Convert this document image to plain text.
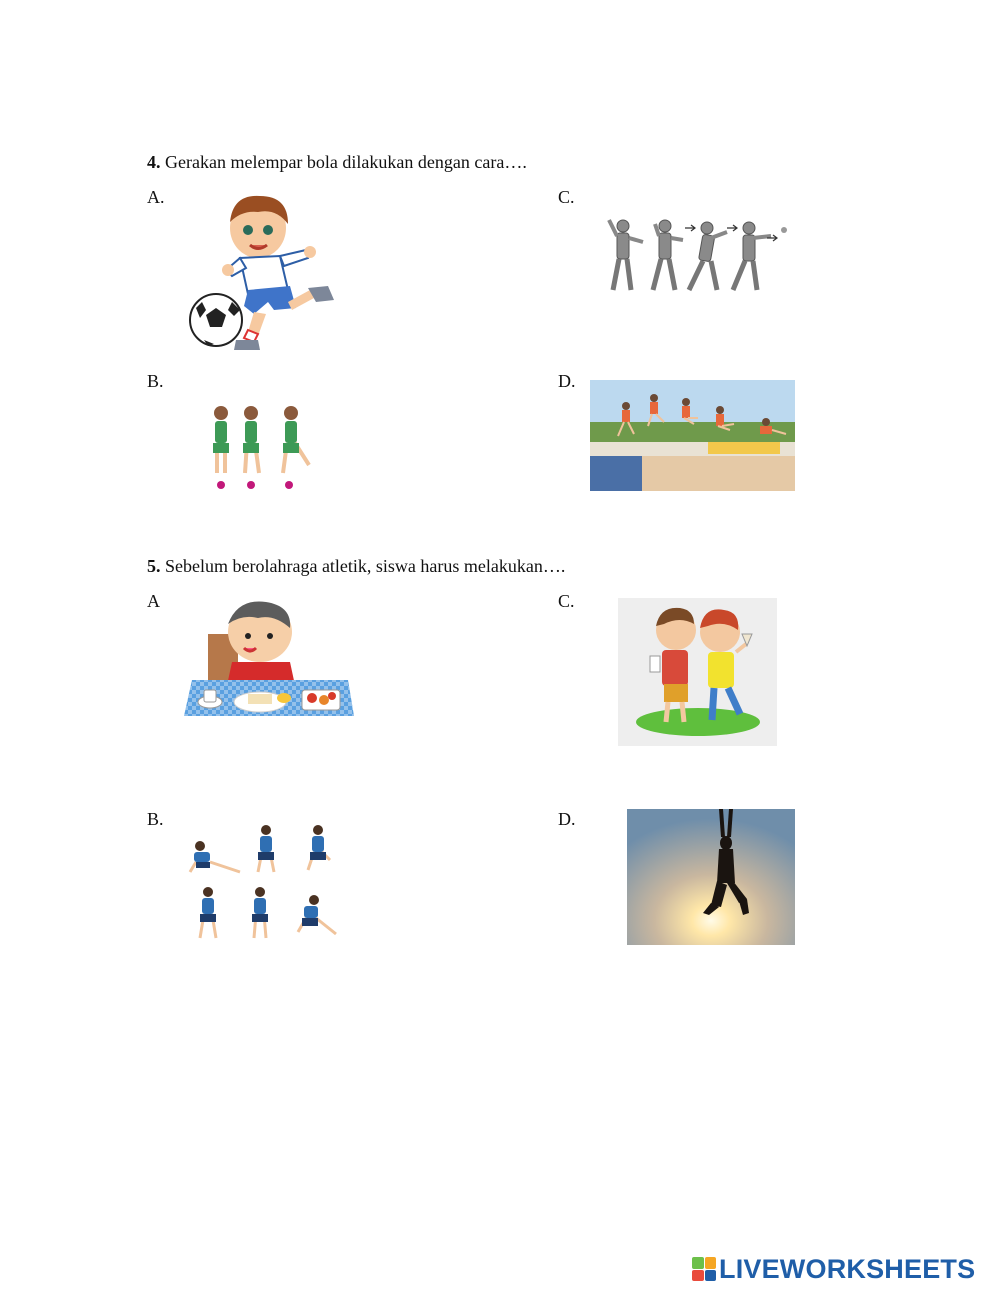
4. Gerakan melempar bola dilakukan dengan cara….
A.	C.
B.	D.
5. Sebelum berolahraga atletik, siswa harus melakukan….
A	C.
B.	D.
LIVEWORKSHEETS
